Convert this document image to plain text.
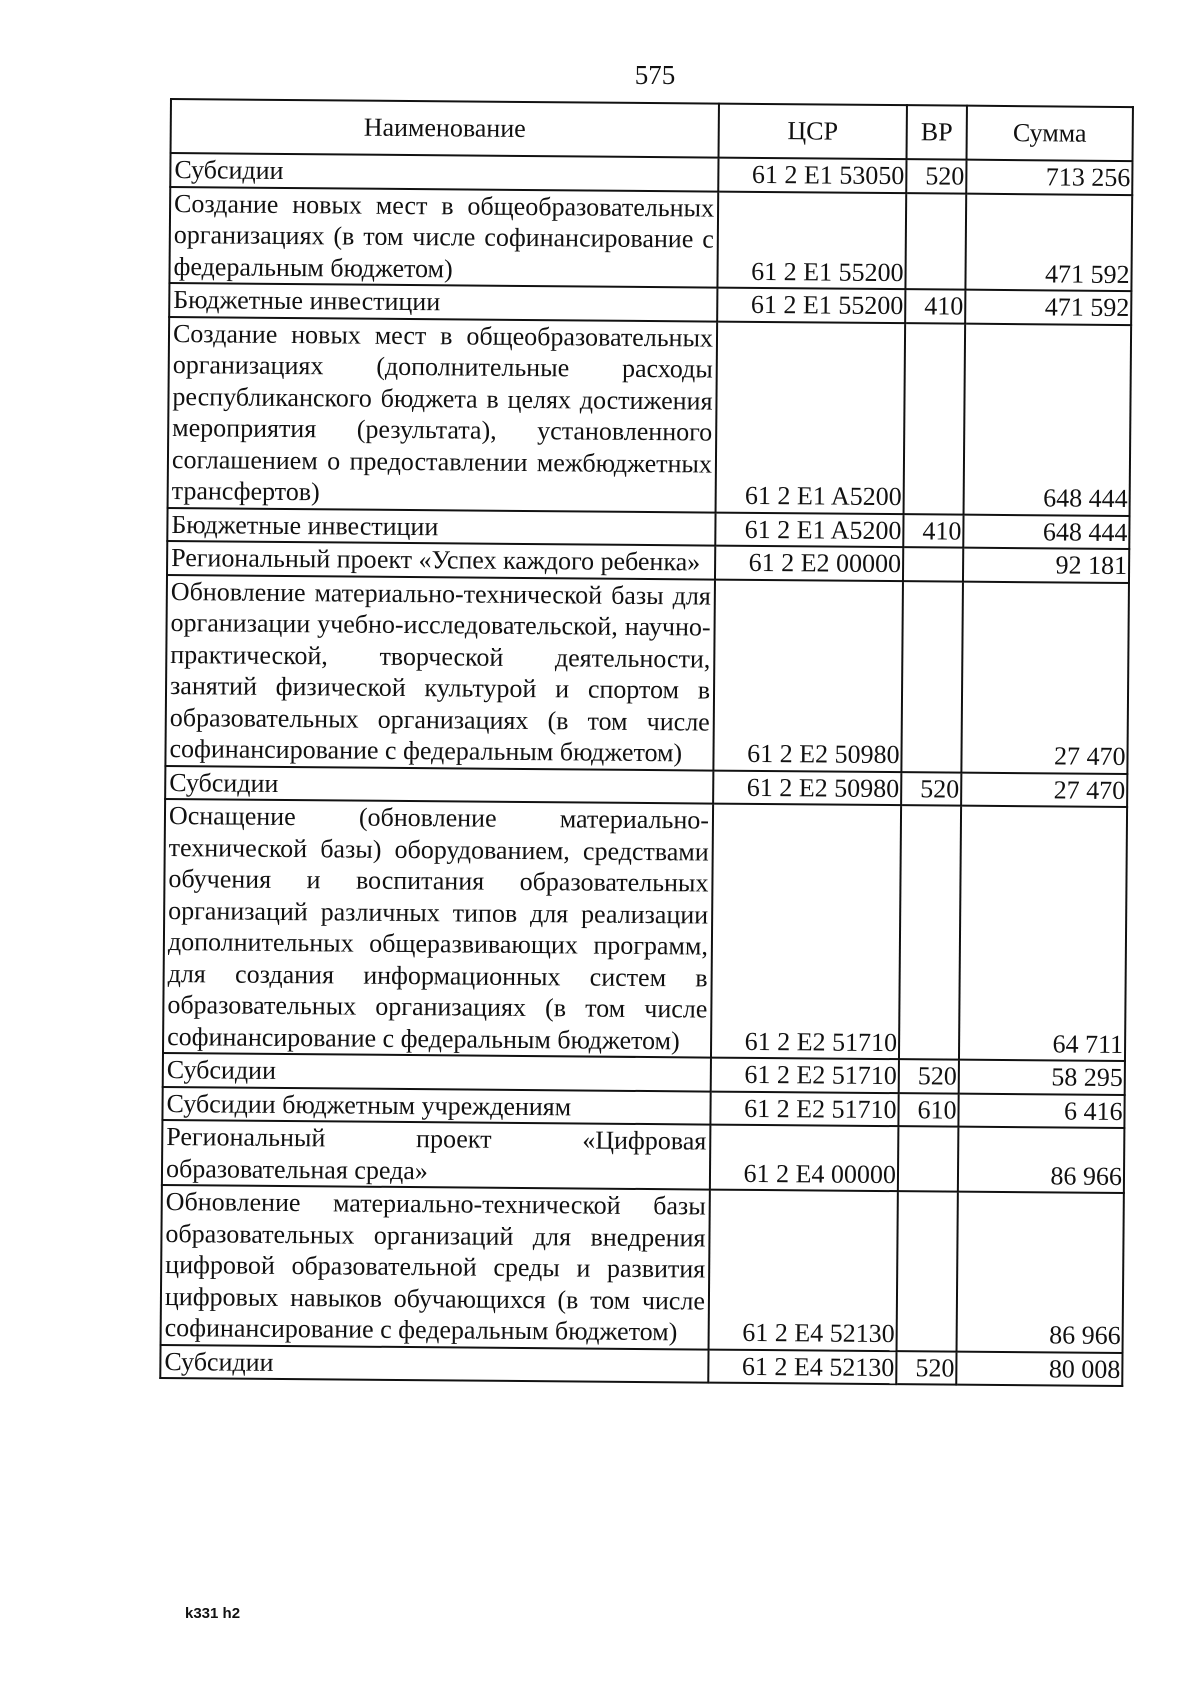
575
Наименование	ЦСР	ВР	Сумма
Субсидии	61 2 E1 53050	520	713 256
Создание новых мест в общеобразовательных организациях (в том числе софинансирование с федеральным бюджетом)	61 2 E1 55200		471 592
Бюджетные инвестиции	61 2 E1 55200	410	471 592
Создание новых мест в общеобразовательных организациях (дополнительные расходы республиканского бюджета в целях достижения мероприятия (результата), установленного соглашением о предоставлении межбюджетных трансфертов)	61 2 E1 A5200		648 444
Бюджетные инвестиции	61 2 E1 A5200	410	648 444
Региональный проект «Успех каждого ребенка»	61 2 E2 00000		92 181
Обновление материально-технической базы для организации учебно-исследовательской, научно-практической, творческой деятельности, занятий физической культурой и спортом в образовательных организациях (в том числе софинансирование с федеральным бюджетом)	61 2 E2 50980		27 470
Субсидии	61 2 E2 50980	520	27 470
Оснащение (обновление материально-технической базы) оборудованием, средствами обучения и воспитания образовательных организаций различных типов для реализации дополнительных общеразвивающих программ, для создания информационных систем в образовательных организациях (в том числе софинансирование с федеральным бюджетом)	61 2 E2 51710		64 711
Субсидии	61 2 E2 51710	520	58 295
Субсидии бюджетным учреждениям	61 2 E2 51710	610	6 416
Региональный проект «Цифровая образовательная среда»	61 2 E4 00000		86 966
Обновление материально-технической базы образовательных организаций для внедрения цифровой образовательной среды и развития цифровых навыков обучающихся (в том числе софинансирование с федеральным бюджетом)	61 2 E4 52130		86 966
Субсидии	61 2 E4 52130	520	80 008
k331 h2
